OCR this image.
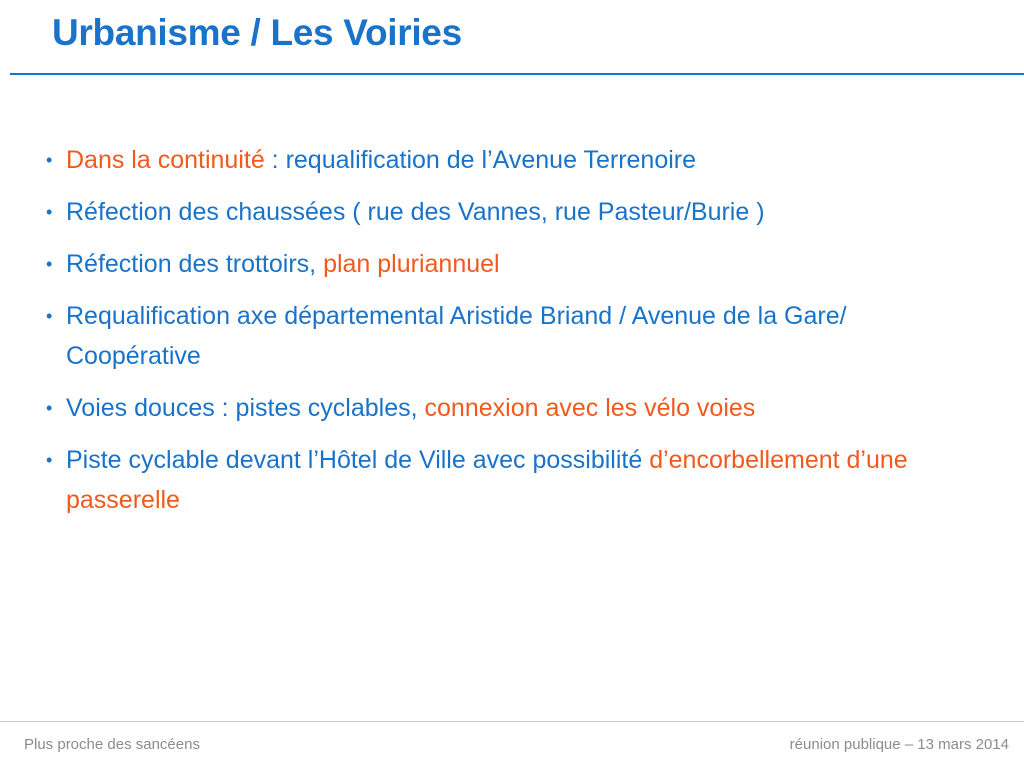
Urbanisme / Les Voiries
• Dans la continuité : requalification de l’Avenue Terrenoire
• Réfection des chaussées ( rue des Vannes, rue Pasteur/Burie )
• Réfection des trottoirs, plan pluriannuel
• Requalification axe départemental Aristide Briand / Avenue de la Gare/ Coopérative
• Voies douces : pistes cyclables, connexion avec les vélo voies
• Piste cyclable devant l’Hôtel de Ville avec possibilité d’encorbellement d’une passerelle
Plus proche des sancéens	réunion publique – 13 mars 2014
